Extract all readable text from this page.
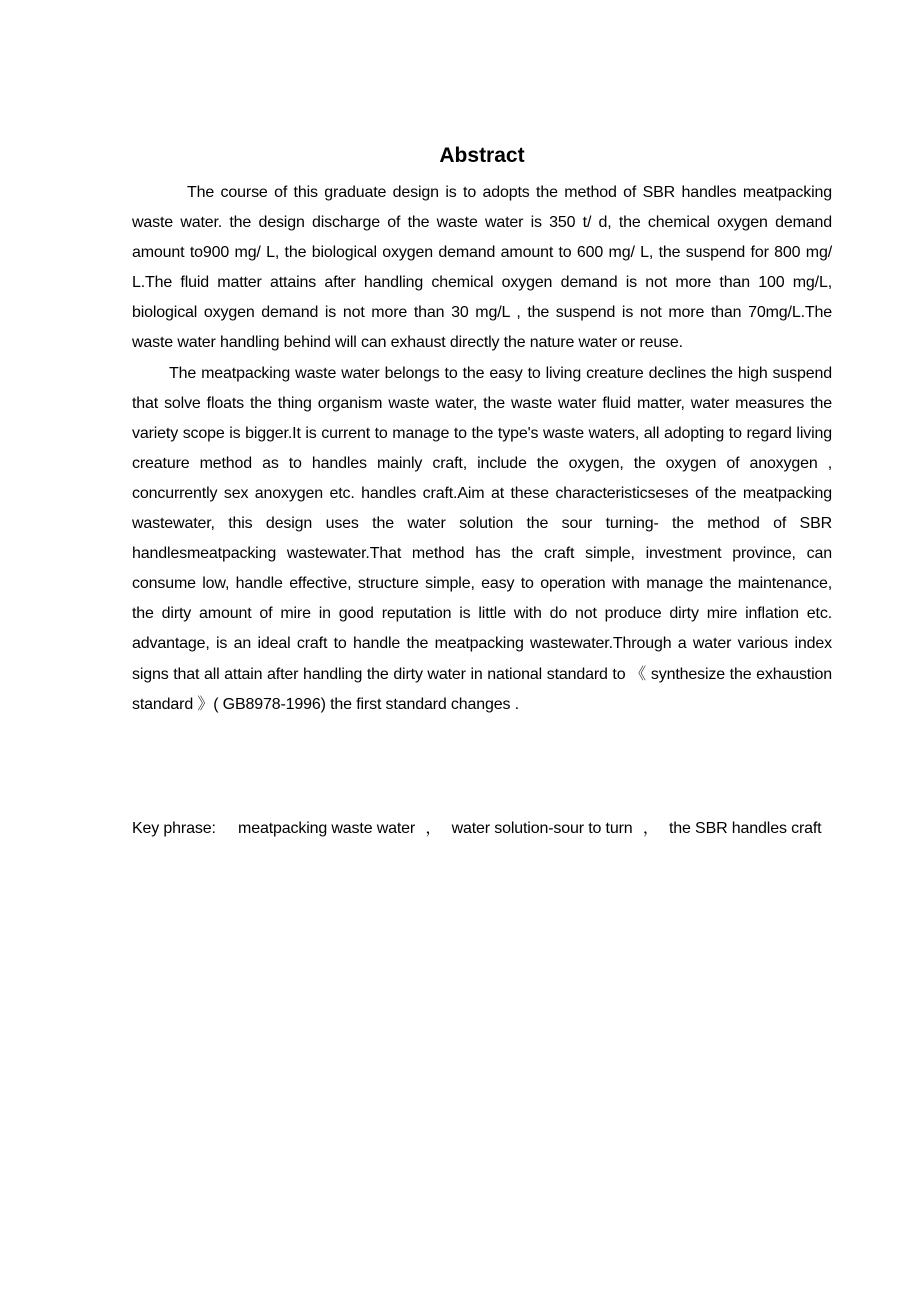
Abstract

The course of this graduate design is to adopts the method of SBR handles meatpacking waste water. the design discharge of the waste water is 350 t/ d, the chemical oxygen demand amount to900 mg/ L, the biological oxygen demand amount to 600 mg/ L, the suspend for 800 mg/ L.The fluid matter attains after handling chemical oxygen demand is not more than 100 mg/L, biological oxygen demand is not more than 30 mg/L , the suspend is not more than 70mg/L.The waste water handling behind will can exhaust directly the nature water or reuse.

The meatpacking waste water belongs to the easy to living creature declines the high suspend that solve floats the thing organism waste water, the waste water fluid matter, water measures the variety scope is bigger.It is current to manage to the type's waste waters, all adopting to regard living creature method as to handles mainly craft, include the oxygen, the oxygen of anoxygen , concurrently sex anoxygen etc. handles craft.Aim at these characteristicseses of the meatpacking wastewater, this design uses the water solution the sour turning- the method of SBR handlesmeatpacking wastewater.That method has the craft simple, investment province, can consume low, handle effective, structure simple, easy to operation with manage the maintenance, the dirty amount of mire in good reputation is little with do not produce dirty mire inflation etc. advantage, is an ideal craft to handle the meatpacking wastewater.Through a water various index signs that all attain after handling the dirty water in national standard to 《 synthesize the exhaustion standard 》( GB8978-1996) the first standard changes .

Key phrase: meatpacking waste water ， water solution-sour to turn ， the SBR handles craft
